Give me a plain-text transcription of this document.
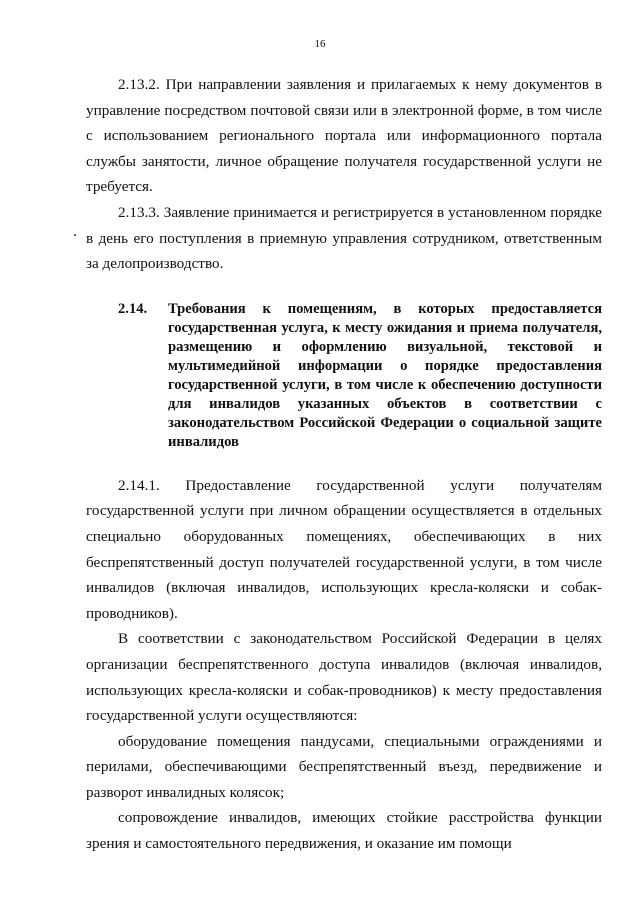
16

2.13.2. При направлении заявления и прилагаемых к нему документов в управление посредством почтовой связи или в электронной форме, в том числе с использованием регионального портала или информационного портала службы занятости, личное обращение получателя государственной услуги не требуется.

2.13.3. Заявление принимается и регистрируется в установленном порядке в день его поступления в приемную управления сотрудником, ответственным за делопроизводство.

2.14.	Требования к помещениям, в которых предоставляется государственная услуга, к месту ожидания и приема получателя, размещению и оформлению визуальной, текстовой и мультимедийной информации о порядке предоставления государственной услуги, в том числе к обеспечению доступности для инвалидов указанных объектов в соответствии с законодательством Российской Федерации о социальной защите инвалидов

2.14.1. Предоставление государственной услуги получателям государственной услуги при личном обращении осуществляется в отдельных специально оборудованных помещениях, обеспечивающих в них беспрепятственный доступ получателей государственной услуги, в том числе инвалидов (включая инвалидов, использующих кресла-коляски и собак-проводников).

В соответствии с законодательством Российской Федерации в целях организации беспрепятственного доступа инвалидов (включая инвалидов, использующих кресла-коляски и собак-проводников) к месту предоставления государственной услуги осуществляются:

оборудование помещения пандусами, специальными ограждениями и перилами, обеспечивающими беспрепятственный въезд, передвижение и разворот инвалидных колясок;

сопровождение инвалидов, имеющих стойкие расстройства функции зрения и самостоятельного передвижения, и оказание им помощи
